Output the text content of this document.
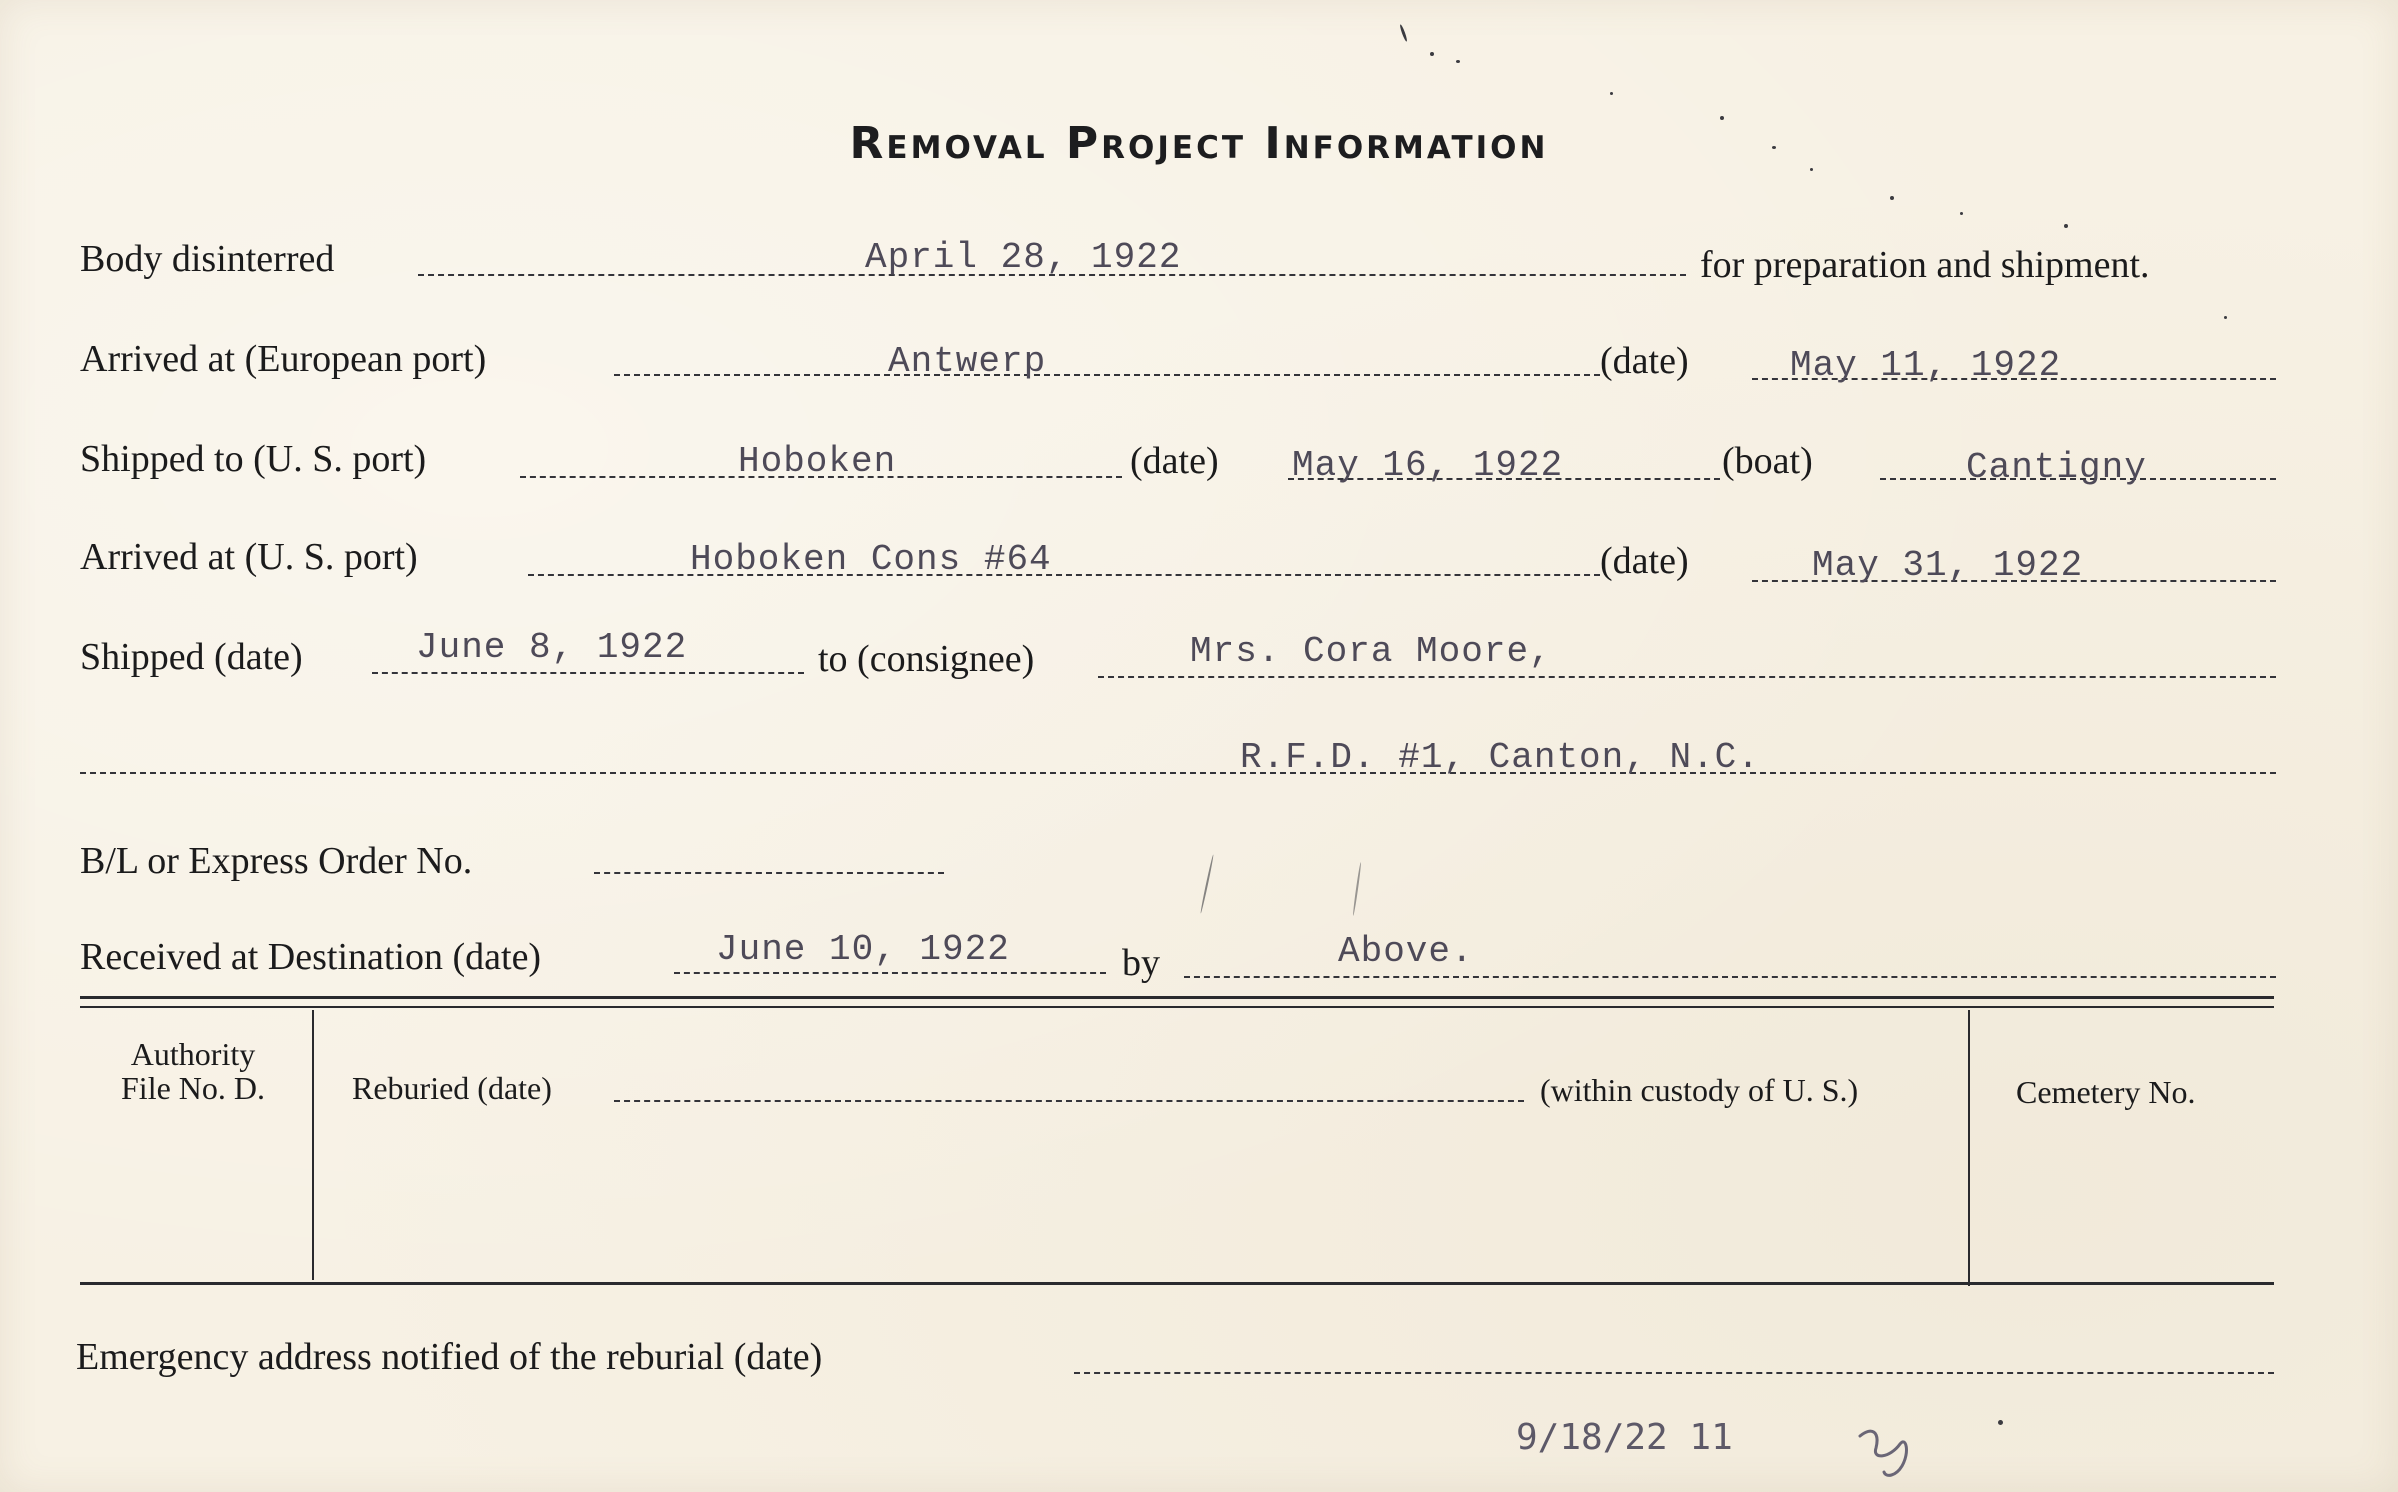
Removal Project Information
Body disinterred	April 28, 1922	for preparation and shipment.
Arrived at (European port)	Antwerp	(date)	May 11, 1922
Shipped to (U. S. port)	Hoboken	(date) May 16, 1922	(boat)	Cantigny
Arrived at (U. S. port)	Hoboken Cons #64	(date)	May 31, 1922
Shipped (date)	June 8, 1922	to (consignee)	Mrs. Cora Moore,
R.F.D. #1, Canton, N.C.
B/L or Express Order No.
Received at Destination (date)	June 10, 1922	by	Above.
Authority
File No. D.	Reburied (date)	(within custody of U. S.)	Cemetery No.
Emergency address notified of the reburial (date)
9/18/22 11
